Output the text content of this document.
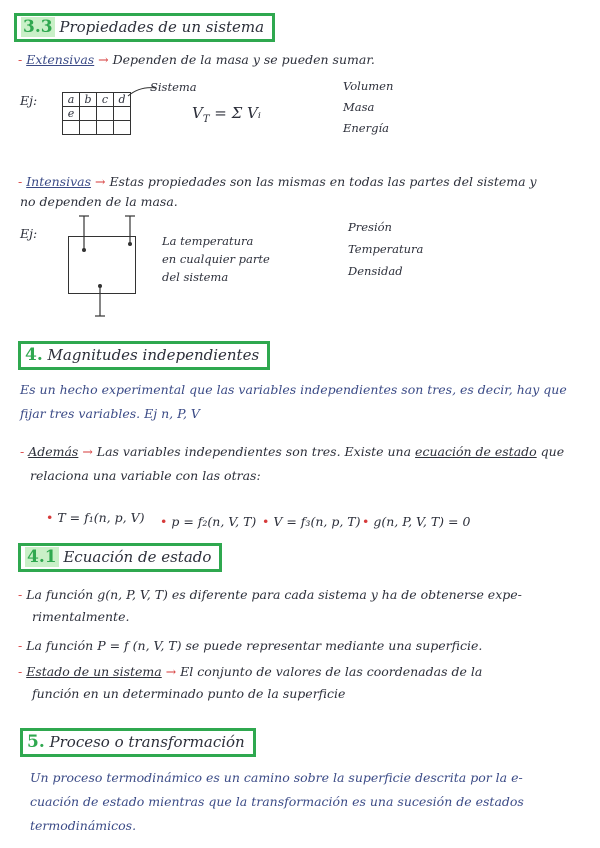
3.3 Propiedades de un sistema
- Extensivas → Dependen de la masa y se pueden sumar.
Ej:	a	b	c	d
e			

Sistema
$V_T = \Sigma$ Vᵢ
Volumen
Masa
Energía
- Intensivas → Estas propiedades son las mismas en todas las partes del sistema y
no dependen de la masa.
Ej:	La temperatura
en cualquier parte
del sistema
Presión
Temperatura
Densidad
4. Magnitudes independientes
Es un hecho experimental que las variables independientes son tres, es decir, hay que
fijar tres variables. Ej n, P, V
- Además → Las variables independientes son tres. Existe una ecuación de estado que
relaciona una variable con las otras:
• T = f₁(n, p, V) • p = f₂(n, V, T) • V = f₃(n, p, T) • g(n, P, V, T) = 0
4.1 Ecuación de estado
- La función g(n, P, V, T) es diferente para cada sistema y ha de obtenerse expe-
rimentalmente.
- La función P = f (n, V, T) se puede representar mediante una superficie.
- Estado de un sistema → El conjunto de valores de las coordenadas de la
función en un determinado punto de la superficie
5. Proceso o transformación
Un proceso termodinámico es un camino sobre la superficie descrita por la e-
cuación de estado mientras que la transformación es una sucesión de estados
termodinámicos.
